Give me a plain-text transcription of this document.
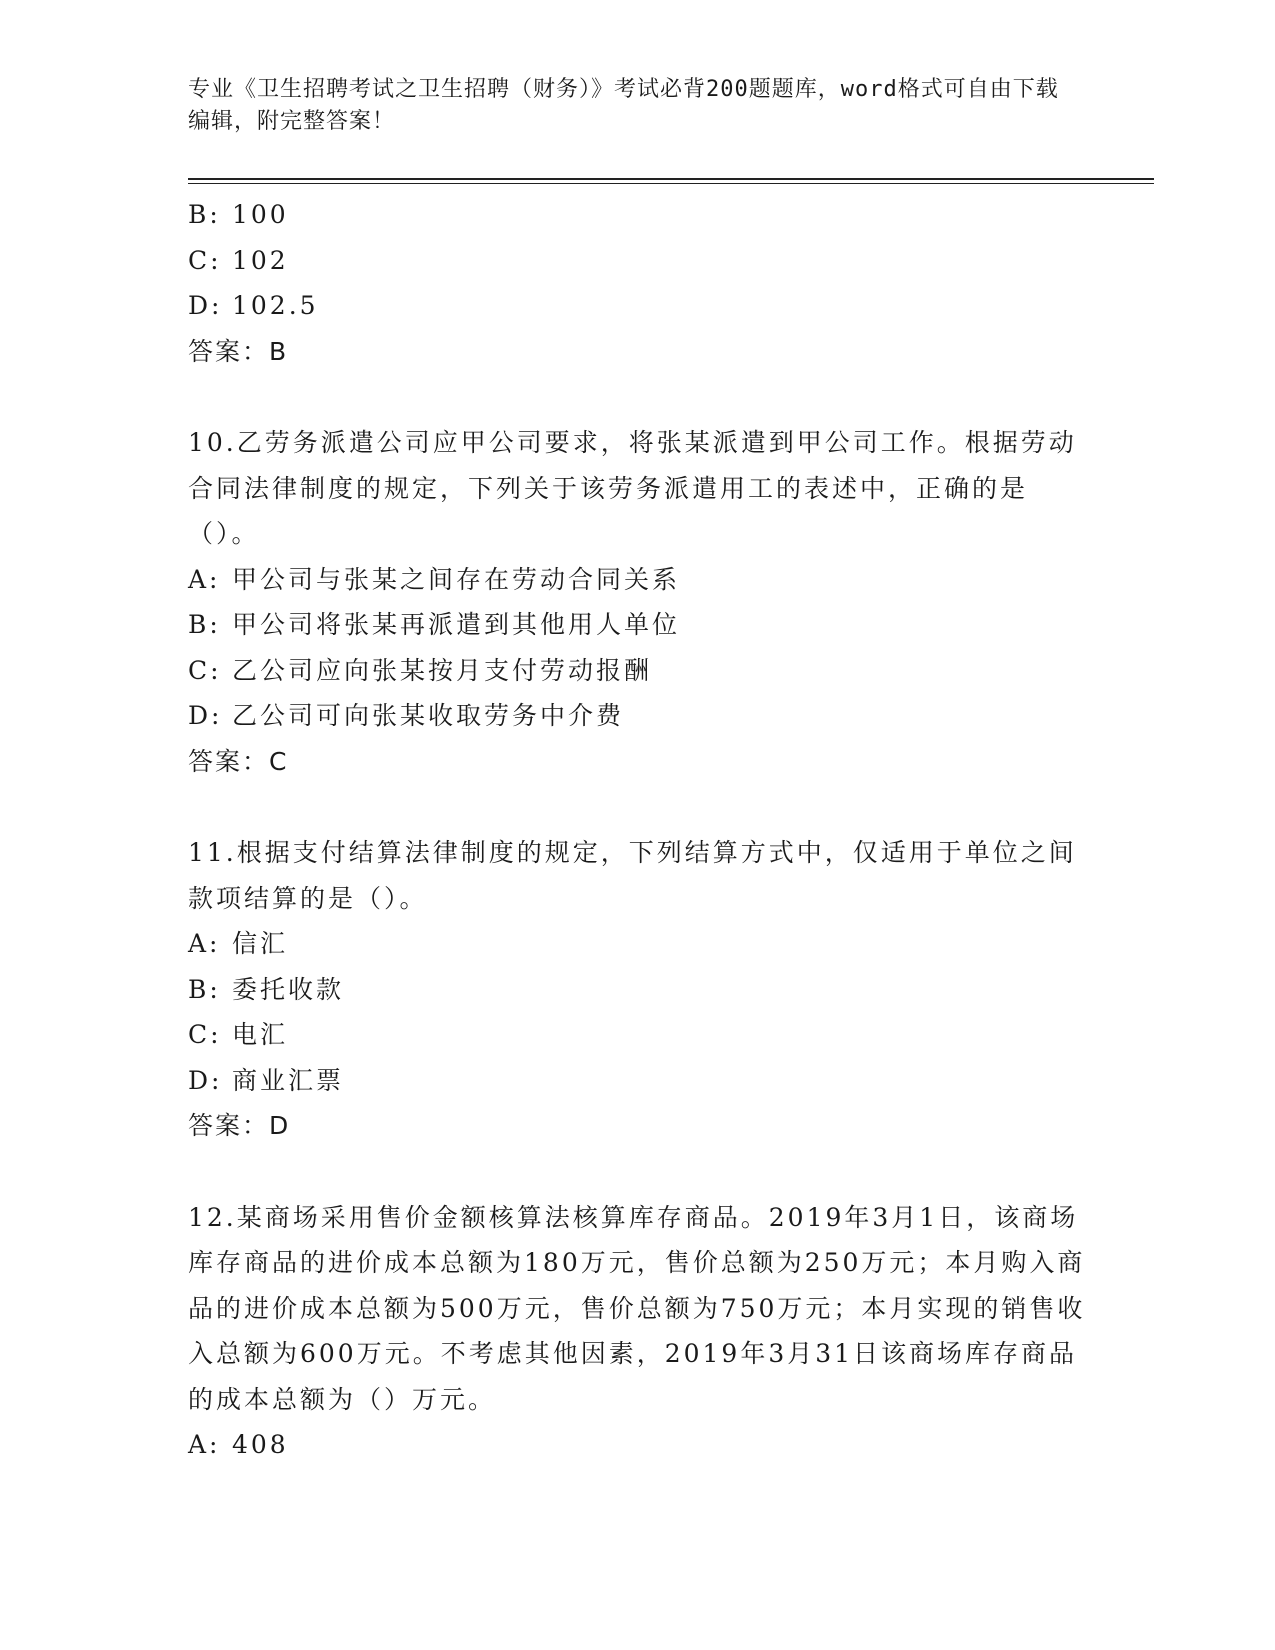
专业《卫生招聘考试之卫生招聘（财务）》考试必背200题题库，word格式可自由下载编辑，附完整答案！
B: 100
C: 102
D: 102.5
答案：B
10.乙劳务派遣公司应甲公司要求，将张某派遣到甲公司工作。根据劳动合同法律制度的规定，下列关于该劳务派遣用工的表述中，正确的是（）。
A: 甲公司与张某之间存在劳动合同关系
B: 甲公司将张某再派遣到其他用人单位
C: 乙公司应向张某按月支付劳动报酬
D: 乙公司可向张某收取劳务中介费
答案：C
11.根据支付结算法律制度的规定，下列结算方式中，仅适用于单位之间款项结算的是（）。
A: 信汇
B: 委托收款
C: 电汇
D: 商业汇票
答案：D
12.某商场采用售价金额核算法核算库存商品。2019年3月1日，该商场库存商品的进价成本总额为180万元，售价总额为250万元；本月购入商品的进价成本总额为500万元，售价总额为750万元；本月实现的销售收入总额为600万元。不考虑其他因素，2019年3月31日该商场库存商品的成本总额为（）万元。
A: 408
